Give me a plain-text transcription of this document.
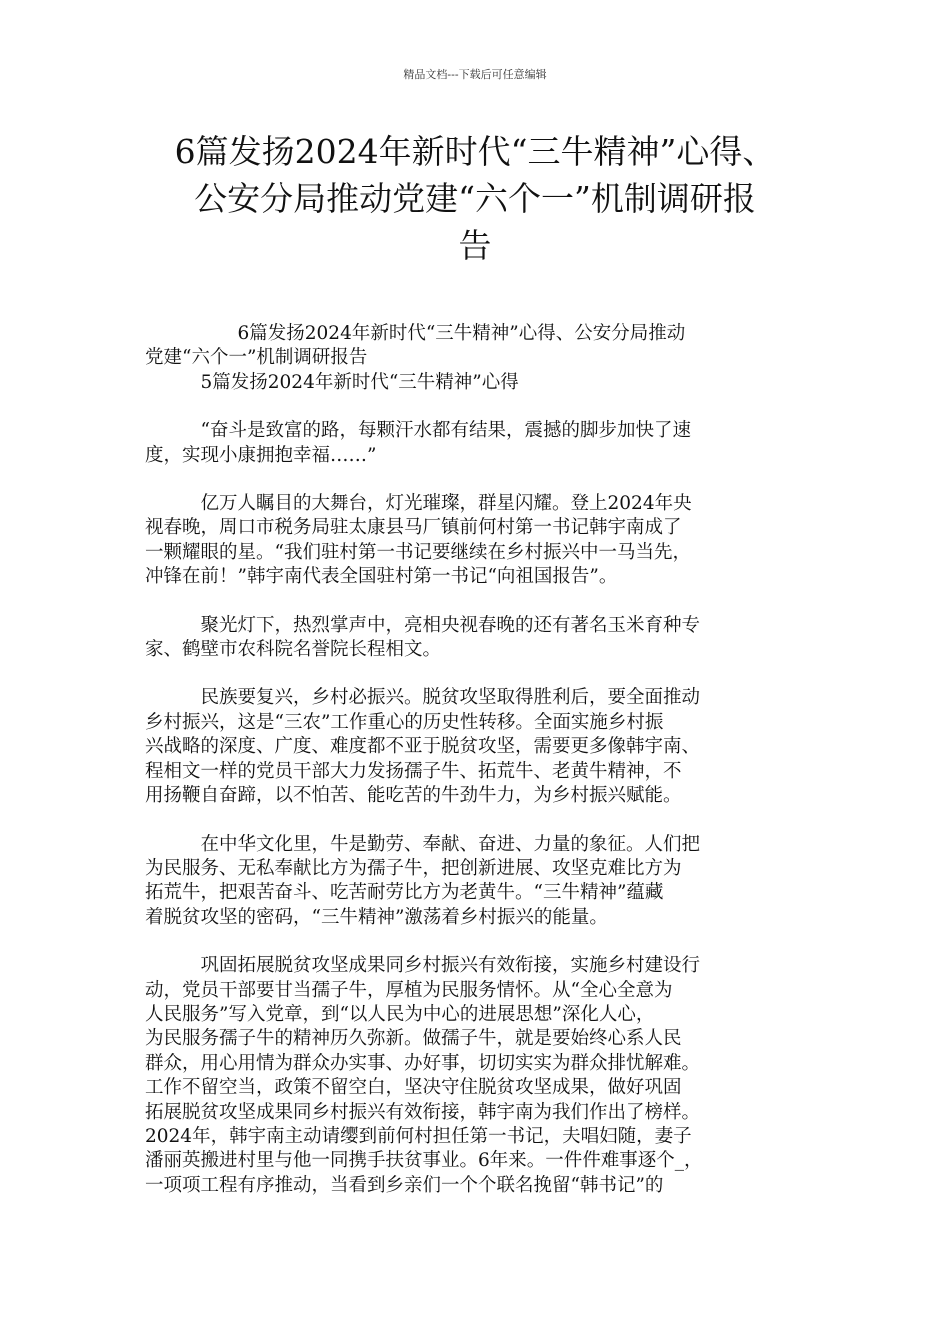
精品文档---下载后可任意编辑
6篇发扬2024年新时代“三牛精神”心得、
公安分局推动党建“六个一”机制调研报
告
　　　　　6篇发扬2024年新时代“三牛精神”心得、公安分局推动
党建“六个一”机制调研报告
　　　5篇发扬2024年新时代“三牛精神”心得
　　　“奋斗是致富的路，每颗汗水都有结果，震撼的脚步加快了速
度，实现小康拥抱幸福……”
　　　亿万人瞩目的大舞台，灯光璀璨，群星闪耀。登上2024年央
视春晚，周口市税务局驻太康县马厂镇前何村第一书记韩宇南成了
一颗耀眼的星。“我们驻村第一书记要继续在乡村振兴中一马当先，
冲锋在前！”韩宇南代表全国驻村第一书记“向祖国报告”。
　　　聚光灯下，热烈掌声中，亮相央视春晚的还有著名玉米育种专
家、鹤壁市农科院名誉院长程相文。
　　　民族要复兴，乡村必振兴。脱贫攻坚取得胜利后，要全面推动
乡村振兴，这是“三农”工作重心的历史性转移。全面实施乡村振
兴战略的深度、广度、难度都不亚于脱贫攻坚，需要更多像韩宇南、
程相文一样的党员干部大力发扬孺子牛、拓荒牛、老黄牛精神，不
用扬鞭自奋蹄，以不怕苦、能吃苦的牛劲牛力，为乡村振兴赋能。
　　　在中华文化里，牛是勤劳、奉献、奋进、力量的象征。人们把
为民服务、无私奉献比方为孺子牛，把创新进展、攻坚克难比方为
拓荒牛，把艰苦奋斗、吃苦耐劳比方为老黄牛。“三牛精神”蕴藏
着脱贫攻坚的密码，“三牛精神”激荡着乡村振兴的能量。
　　　巩固拓展脱贫攻坚成果同乡村振兴有效衔接，实施乡村建设行
动，党员干部要甘当孺子牛，厚植为民服务情怀。从“全心全意为
人民服务”写入党章，到“以人民为中心的进展思想”深化人心，
为民服务孺子牛的精神历久弥新。做孺子牛，就是要始终心系人民
群众，用心用情为群众办实事、办好事，切切实实为群众排忧解难。
工作不留空当，政策不留空白，坚决守住脱贫攻坚成果，做好巩固
拓展脱贫攻坚成果同乡村振兴有效衔接，韩宇南为我们作出了榜样。
2024年，韩宇南主动请缨到前何村担任第一书记，夫唱妇随，妻子
潘丽英搬进村里与他一同携手扶贫事业。6年来。一件件难事逐个_，
一项项工程有序推动，当看到乡亲们一个个联名挽留“韩书记”的
